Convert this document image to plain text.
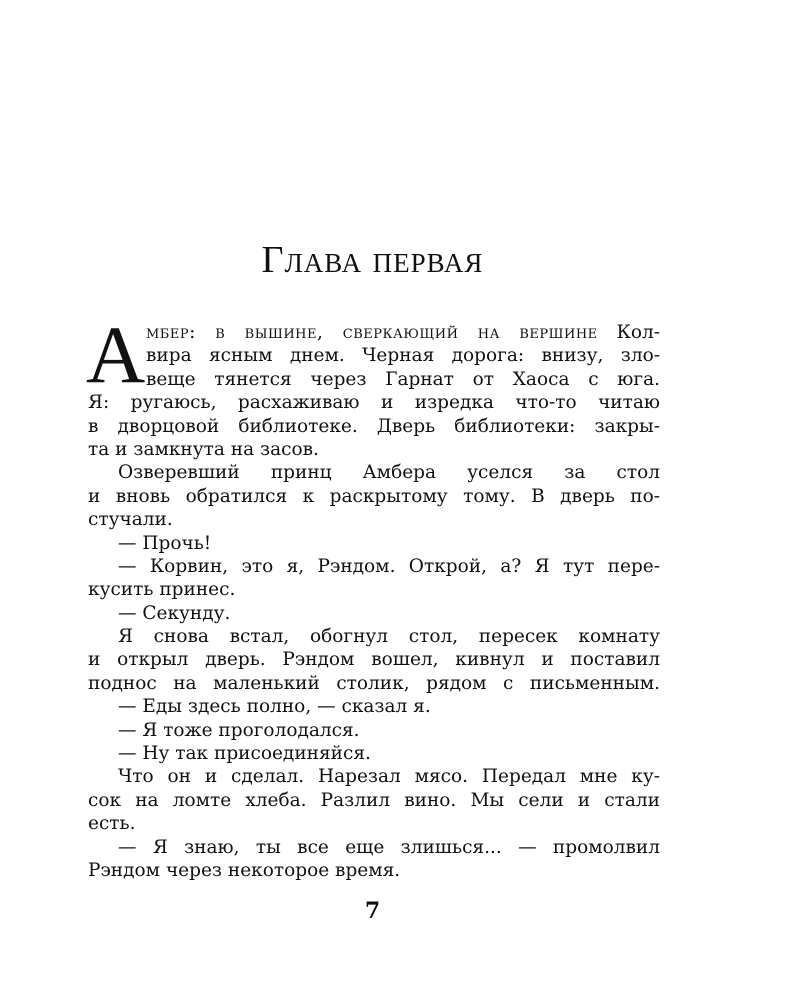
Глава первая
А мбер: в вышине, сверкающий на вершине Кол-
вира ясным днем. Черная дорога: внизу, зло-
веще тянется через Гарнат от Хаоса с юга.
Я: ругаюсь, расхаживаю и изредка что-то читаю
в дворцовой библиотеке. Дверь библиотеки: закры-
та и замкнута на засов.
Озверевший принц Амбера уселся за стол
и вновь обратился к раскрытому тому. В дверь по-
стучали.
— Прочь!
— Корвин, это я, Рэндом. Открой, а? Я тут пере-
кусить принес.
— Секунду.
Я снова встал, обогнул стол, пересек комнату
и открыл дверь. Рэндом вошел, кивнул и поставил
поднос на маленький столик, рядом с письменным.
— Еды здесь полно, — сказал я.
— Я тоже проголодался.
— Ну так присоединяйся.
Что он и сделал. Нарезал мясо. Передал мне ку-
сок на ломте хлеба. Разлил вино. Мы сели и стали
есть.
— Я знаю, ты все еще злишься... — промолвил
Рэндом через некоторое время.
7
